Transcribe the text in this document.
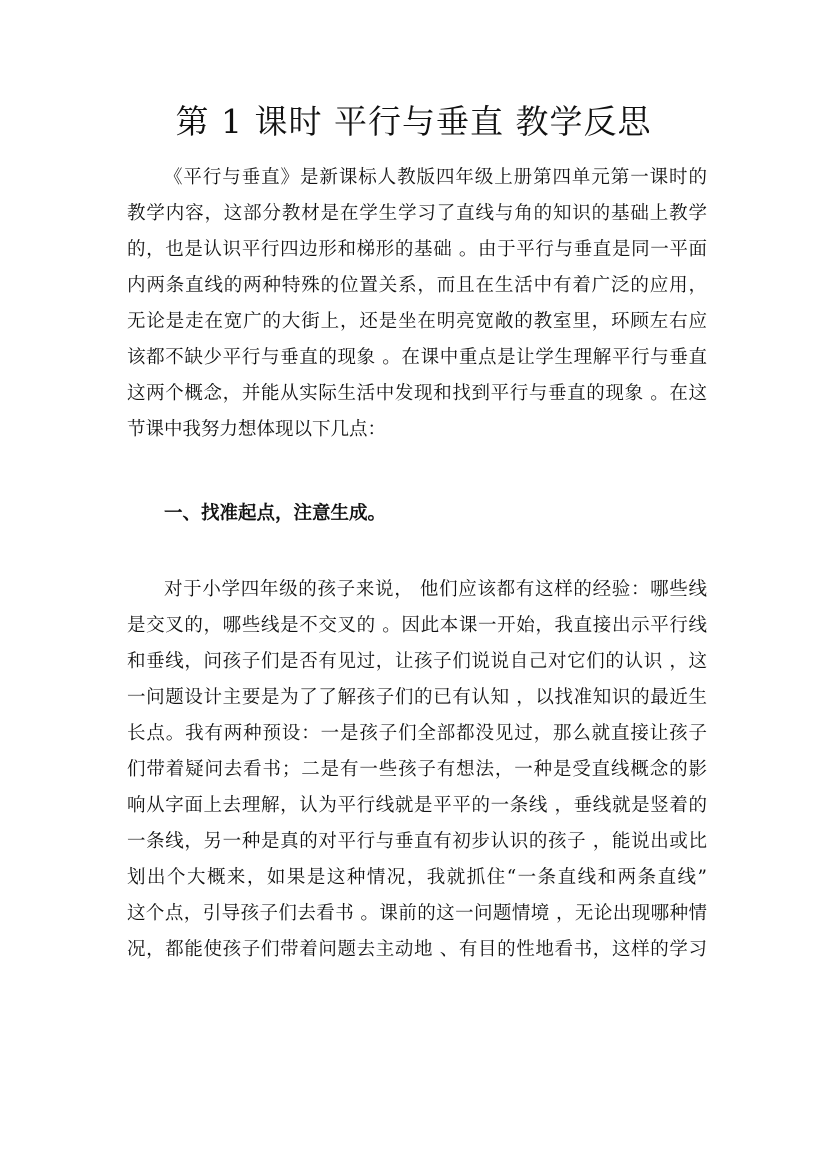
第 1 课时 平行与垂直 教学反思
《平行与垂直》是新课标人教版四年级上册第四单元第一课时的
教学内容，这部分教材是在学生学习了直线与角的知识的基础上教学
的，也是认识平行四边形和梯形的基础 。由于平行与垂直是同一平面
内两条直线的两种特殊的位置关系，而且在生活中有着广泛的应用，
无论是走在宽广的大街上，还是坐在明亮宽敞的教室里，环顾左右应
该都不缺少平行与垂直的现象 。在课中重点是让学生理解平行与垂直
这两个概念，并能从实际生活中发现和找到平行与垂直的现象 。在这
节课中我努力想体现以下几点：
一、找准起点，注意生成。
对于小学四年级的孩子来说， 他们应该都有这样的经验：哪些线
是交叉的，哪些线是不交叉的 。因此本课一开始，我直接出示平行线
和垂线，问孩子们是否有见过，让孩子们说说自己对它们的认识 ，这
一问题设计主要是为了了解孩子们的已有认知 ，以找准知识的最近生
长点。我有两种预设：一是孩子们全部都没见过，那么就直接让孩子
们带着疑问去看书；二是有一些孩子有想法，一种是受直线概念的影
响从字面上去理解，认为平行线就是平平的一条线 ，垂线就是竖着的
一条线，另一种是真的对平行与垂直有初步认识的孩子 ，能说出或比
划出个大概来，如果是这种情况，我就抓住“一条直线和两条直线”
这个点，引导孩子们去看书 。课前的这一问题情境 ，无论出现哪种情
况，都能使孩子们带着问题去主动地 、有目的性地看书，这样的学习
